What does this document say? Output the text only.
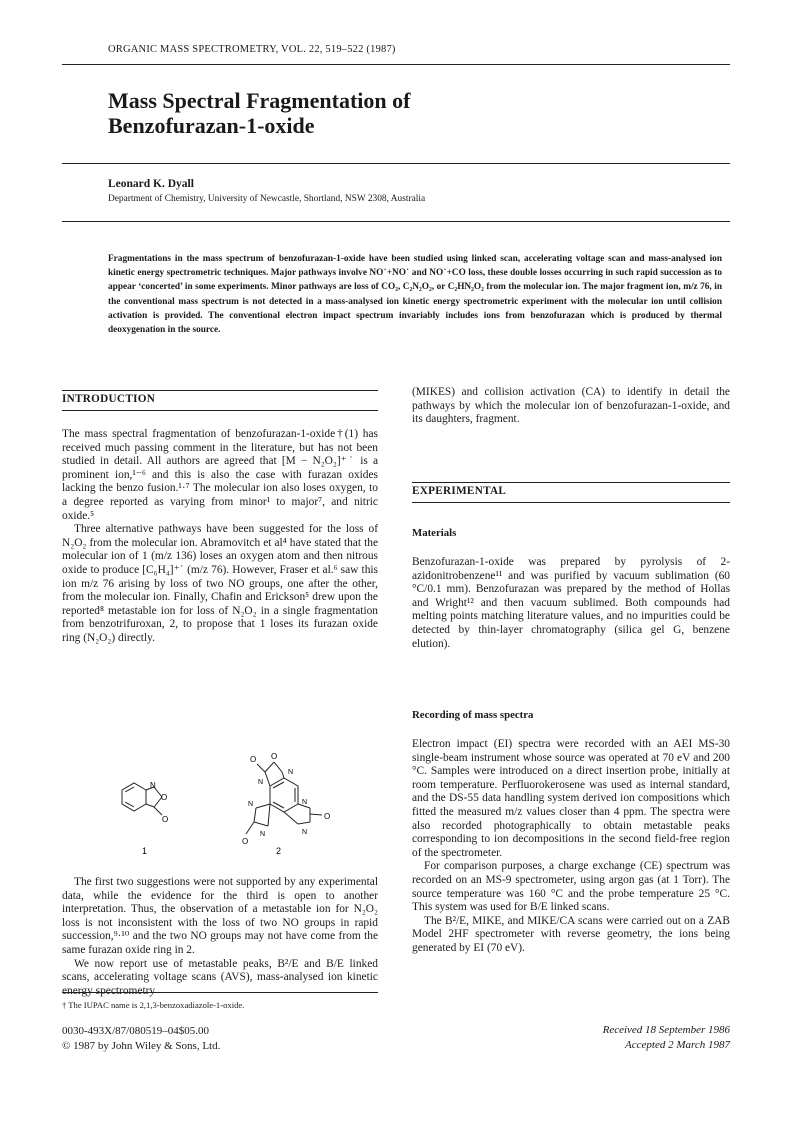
ORGANIC MASS SPECTROMETRY, VOL. 22, 519–522 (1987)
Mass Spectral Fragmentation of
Benzofurazan-1-oxide
Leonard K. Dyall
Department of Chemistry, University of Newcastle, Shortland, NSW 2308, Australia
Fragmentations in the mass spectrum of benzofurazan-1-oxide have been studied using linked scan, accelerating voltage scan and mass-analysed ion kinetic energy spectrometric techniques. Major pathways involve NO˙+NO˙ and NO˙+CO loss, these double losses occurring in such rapid succession as to appear ‘concerted’ in some experiments. Minor pathways are loss of CO₂, C₂N₂O₂, or C₂HN₂O₂ from the molecular ion. The major fragment ion, m/z 76, in the conventional mass spectrum is not detected in a mass-analysed ion kinetic energy spectrometric experiment with the molecular ion until collision activation is provided. The conventional electron impact spectrum invariably includes ions from benzofurazan which is produced by thermal deoxygenation in the source.
INTRODUCTION

The mass spectral fragmentation of benzofurazan-1-oxide†(1) has received much passing comment in the literature, but has not been studied in detail. All authors are agreed that [M − N₂O₂]⁺˙ is a prominent ion,¹⁻⁶ and this is also the case with furazan oxides lacking the benzo fusion.¹·⁷ The molecular ion also loses oxygen, to a degree reported as varying from minor¹ to major⁷, and nitric oxide.⁵

Three alternative pathways have been suggested for the loss of N₂O₂ from the molecular ion. Abramovitch et al⁴ have stated that the molecular ion of 1 (m/z 136) loses an oxygen atom and then nitrous oxide to produce [C₆H₄]⁺˙ (m/z 76). However, Fraser et al.⁶ saw this ion m/z 76 arising by loss of two NO groups, one after the other, from the molecular ion. Finally, Chafin and Erickson⁵ drew upon the reported⁸ metastable ion for loss of N₂O₂ in a single fragmentation from benzotrifuroxan, 2, to propose that 1 loses its furazan oxide ring (N₂O₂) directly.

N
O
O
O O
O
O
N
N
N
N
N
N
1	2

The first two suggestions were not supported by any experimental data, while the evidence for the third is open to another interpretation. Thus, the observation of a metastable ion for N₂O₂ loss is not inconsistent with the loss of two NO groups in rapid succession,⁹·¹⁰ and the two NO groups may not have come from the same furazan oxide ring in 2.

We now report use of metastable peaks, B²/E and B/E linked scans, accelerating voltage scans (AVS), mass-analysed ion kinetic energy spectrometry

† The IUPAC name is 2,1,3-benzoxadiazole-1-oxide.
0030-493X/87/080519–04$05.00
© 1987 by John Wiley & Sons, Ltd.
(MIKES) and collision activation (CA) to identify in detail the pathways by which the molecular ion of benzofurazan-1-oxide, and its daughters, fragment.
EXPERIMENTAL
Materials
Benzofurazan-1-oxide was prepared by pyrolysis of 2-azidonitrobenzene¹¹ and was purified by vacuum sublimation (60 °C/0.1 mm). Benzofurazan was prepared by the method of Hollas and Wright¹² and then vacuum sublimed. Both compounds had melting points matching literature values, and no impurities could be detected by thin-layer chromatography (silica gel G, benzene elution).
Recording of mass spectra

Electron impact (EI) spectra were recorded with an AEI MS-30 single-beam instrument whose source was operated at 70 eV and 200 °C. Samples were introduced on a direct insertion probe, initially at room temperature. Perfluorokerosene was used as internal standard, and the DS-55 data handling system derived ion compositions which fitted the measured m/z values closer than 4 ppm. The spectra were also recorded photographically to obtain metastable peaks corresponding to ion decompositions in the second field-free region of the spectrometer.

For comparison purposes, a charge exchange (CE) spectrum was recorded on an MS-9 spectrometer, using argon gas (at 1 Torr). The source temperature was 160 °C and the probe temperature 25 °C. This system was used for B/E linked scans.

The B²/E, MIKE, and MIKE/CA scans were carried out on a ZAB Model 2HF spectrometer with reverse geometry, the ions being generated by EI (70 eV).

Received 18 September 1986
Accepted 2 March 1987
